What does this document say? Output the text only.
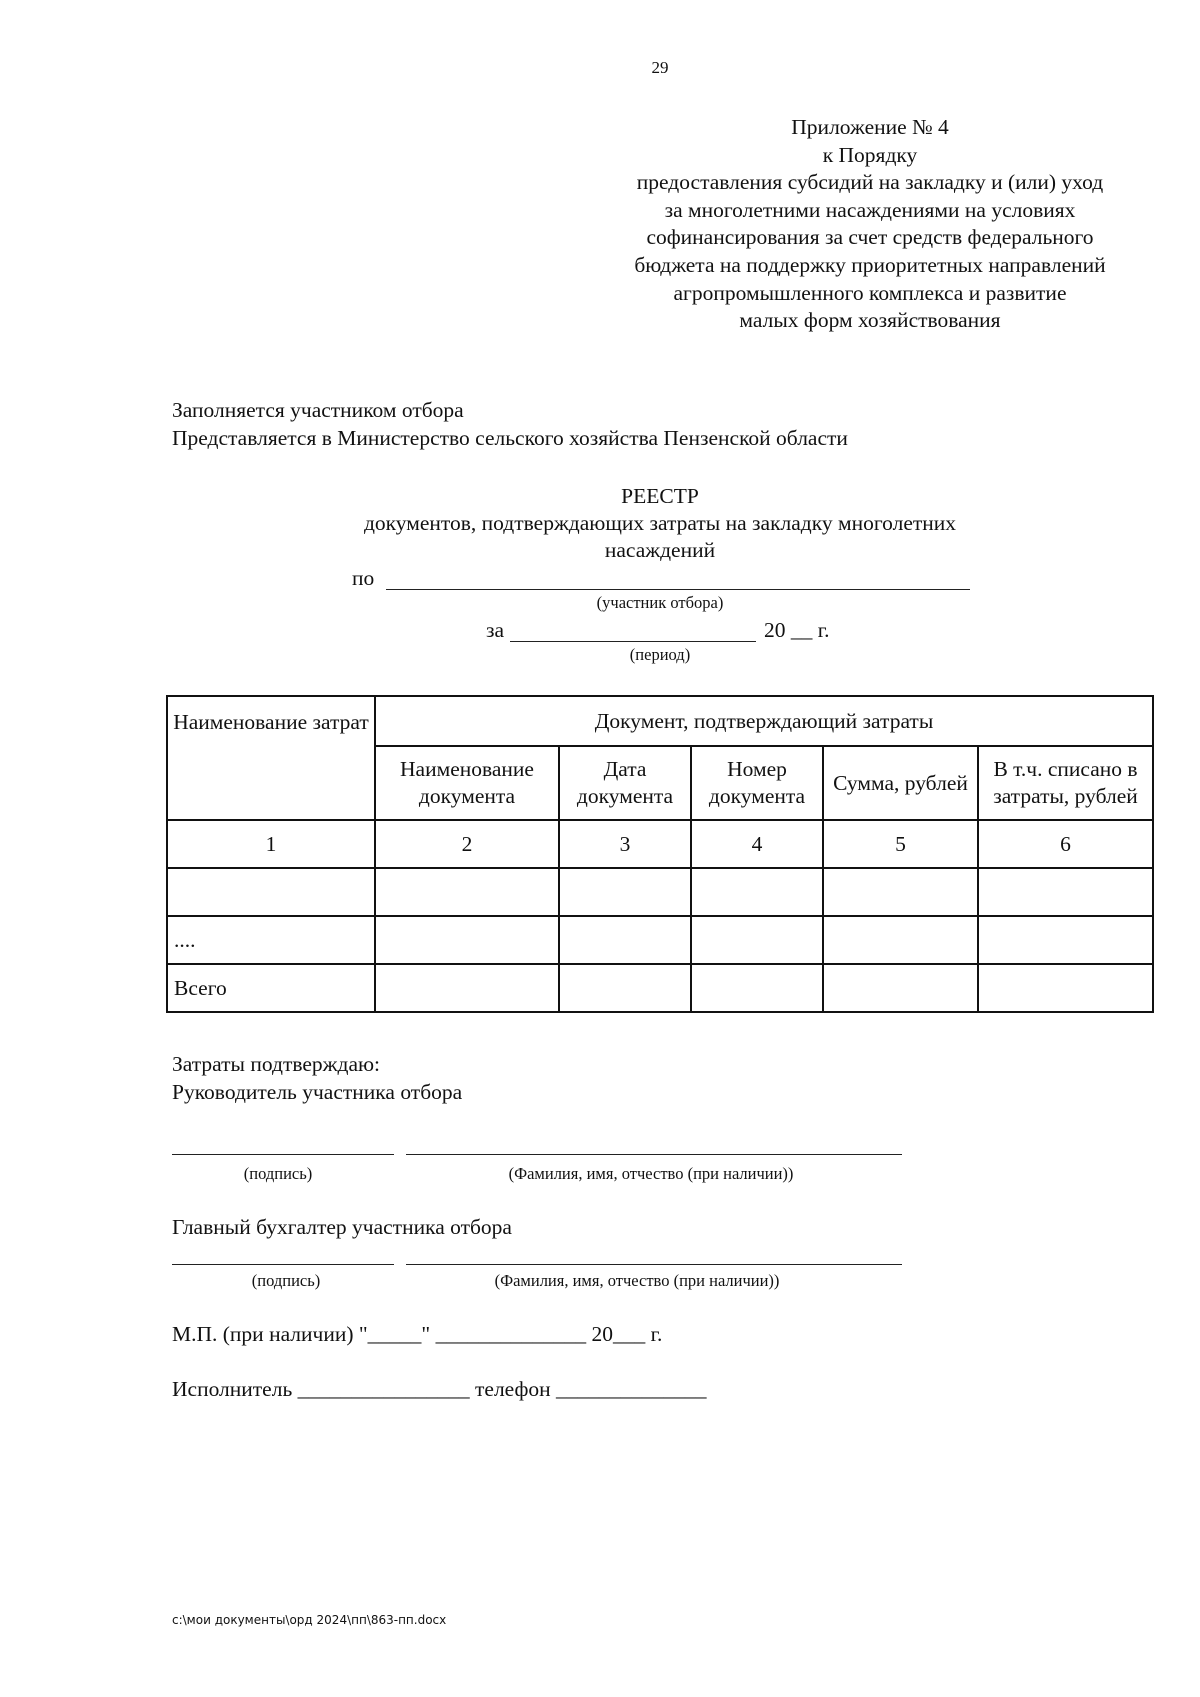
29
Приложение № 4
к Порядку
предоставления субсидий на закладку и (или) уход
за многолетними насаждениями на условиях
софинансирования за счет средств федерального
бюджета на поддержку приоритетных направлений
агропромышленного комплекса и развитие
малых форм хозяйствования
Заполняется участником отбора
Представляется в Министерство сельского хозяйства Пензенской области
РЕЕСТР
документов, подтверждающих затраты на закладку многолетних
насаждений
по
(участник отбора)
за	20 __ г.
(период)
Наименование затрат	Документ, подтверждающий затраты				
	Наименование документа	Дата документа	Номер документа	Сумма, рублей	В т.ч. списано в затраты, рублей
1	2	3	4	5	6

....					
Всего					
Затраты подтверждаю:
Руководитель участника отбора
(подпись)	(Фамилия, имя, отчество (при наличии))
Главный бухгалтер участника отбора
(подпись)	(Фамилия, имя, отчество (при наличии))
М.П. (при наличии) "_____" ______________ 20___ г.
Исполнитель ________________ телефон ______________
c:\мои документы\орд 2024\пп\863-пп.docx
